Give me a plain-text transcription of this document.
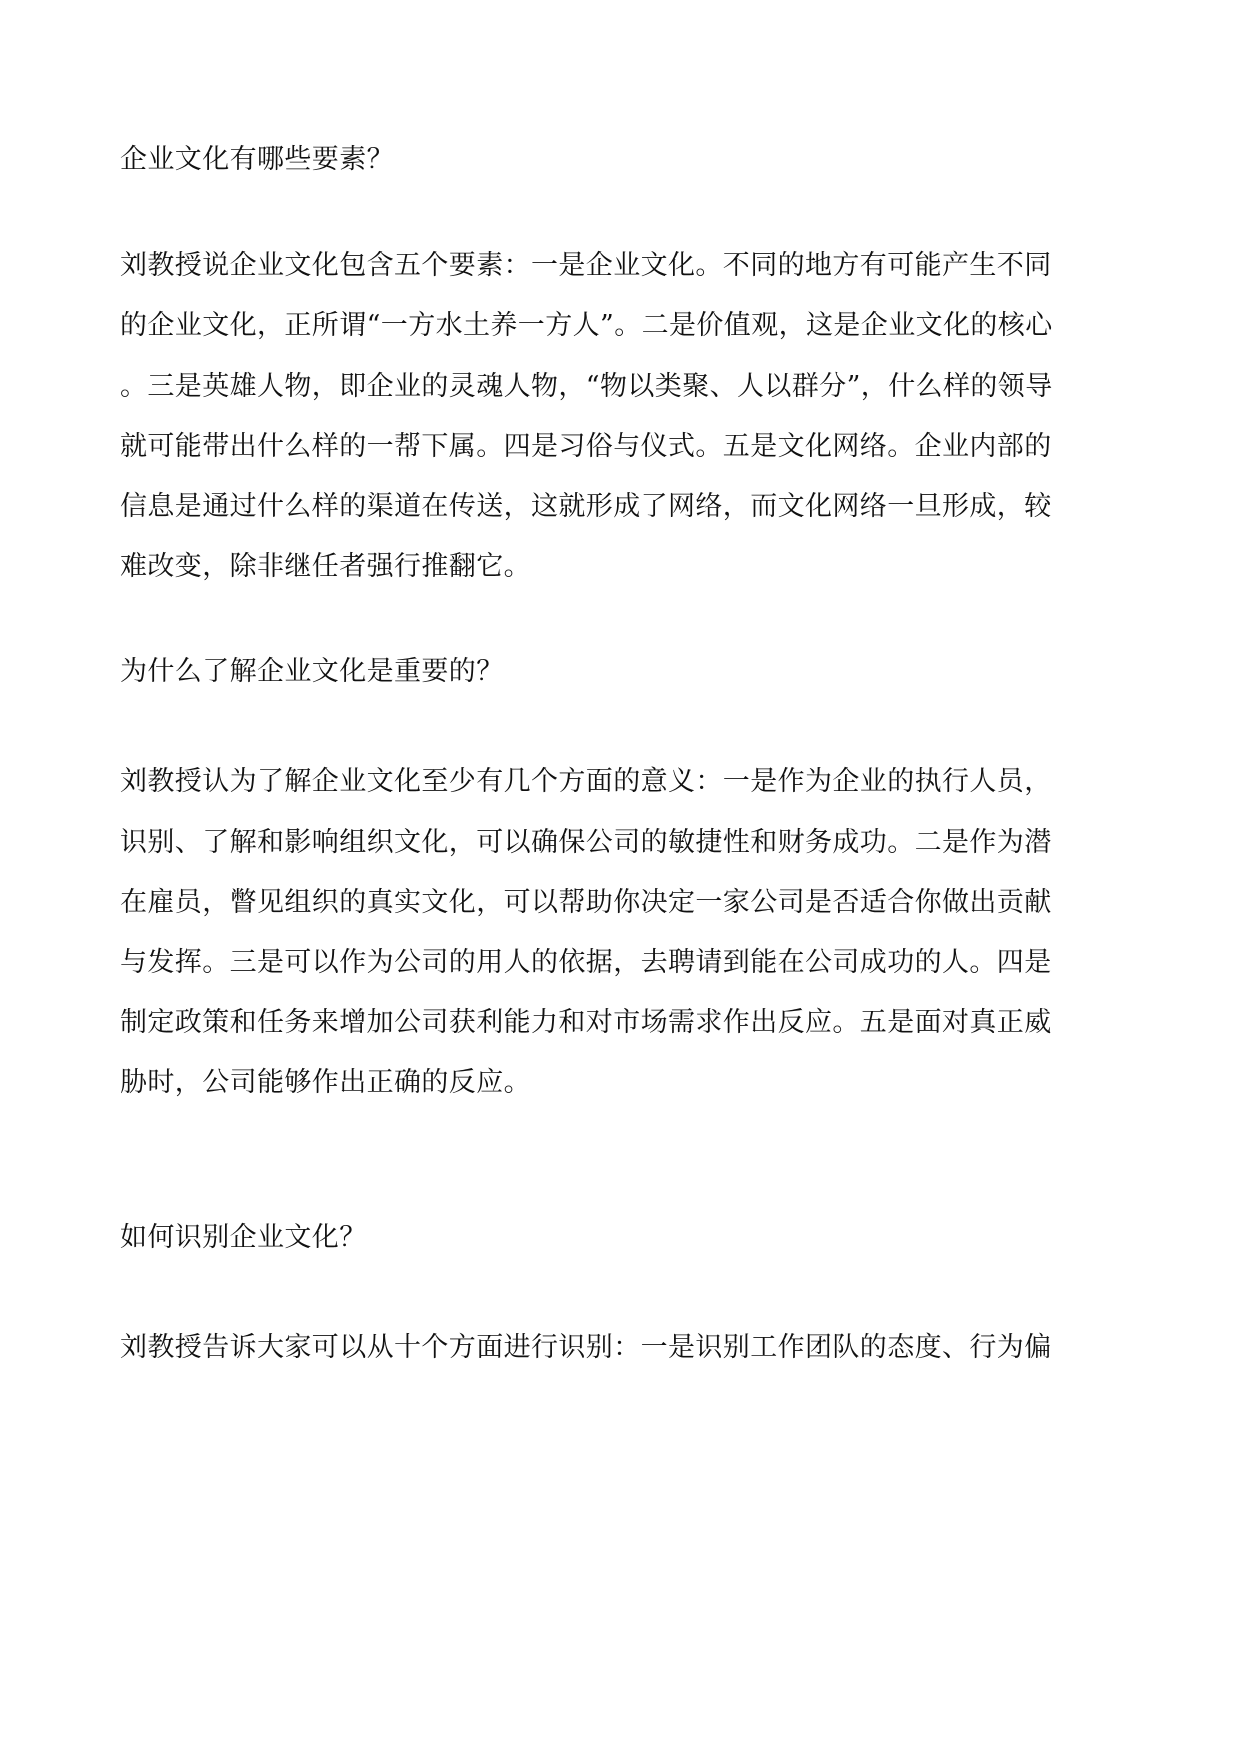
企业文化有哪些要素？
刘教授说企业文化包含五个要素：一是企业文化。不同的地方有可能产生不同
的企业文化，正所谓“一方水土养一方人”。二是价值观，这是企业文化的核心
。三是英雄人物，即企业的灵魂人物，“物以类聚、人以群分”，什么样的领导
就可能带出什么样的一帮下属。四是习俗与仪式。五是文化网络。企业内部的
信息是通过什么样的渠道在传送，这就形成了网络，而文化网络一旦形成，较
难改变，除非继任者强行推翻它。
为什么了解企业文化是重要的？
刘教授认为了解企业文化至少有几个方面的意义：一是作为企业的执行人员，
识别、了解和影响组织文化，可以确保公司的敏捷性和财务成功。二是作为潜
在雇员，瞥见组织的真实文化，可以帮助你决定一家公司是否适合你做出贡献
与发挥。三是可以作为公司的用人的依据，去聘请到能在公司成功的人。四是
制定政策和任务来增加公司获利能力和对市场需求作出反应。五是面对真正威
胁时，公司能够作出正确的反应。
如何识别企业文化？
刘教授告诉大家可以从十个方面进行识别：一是识别工作团队的态度、行为偏
